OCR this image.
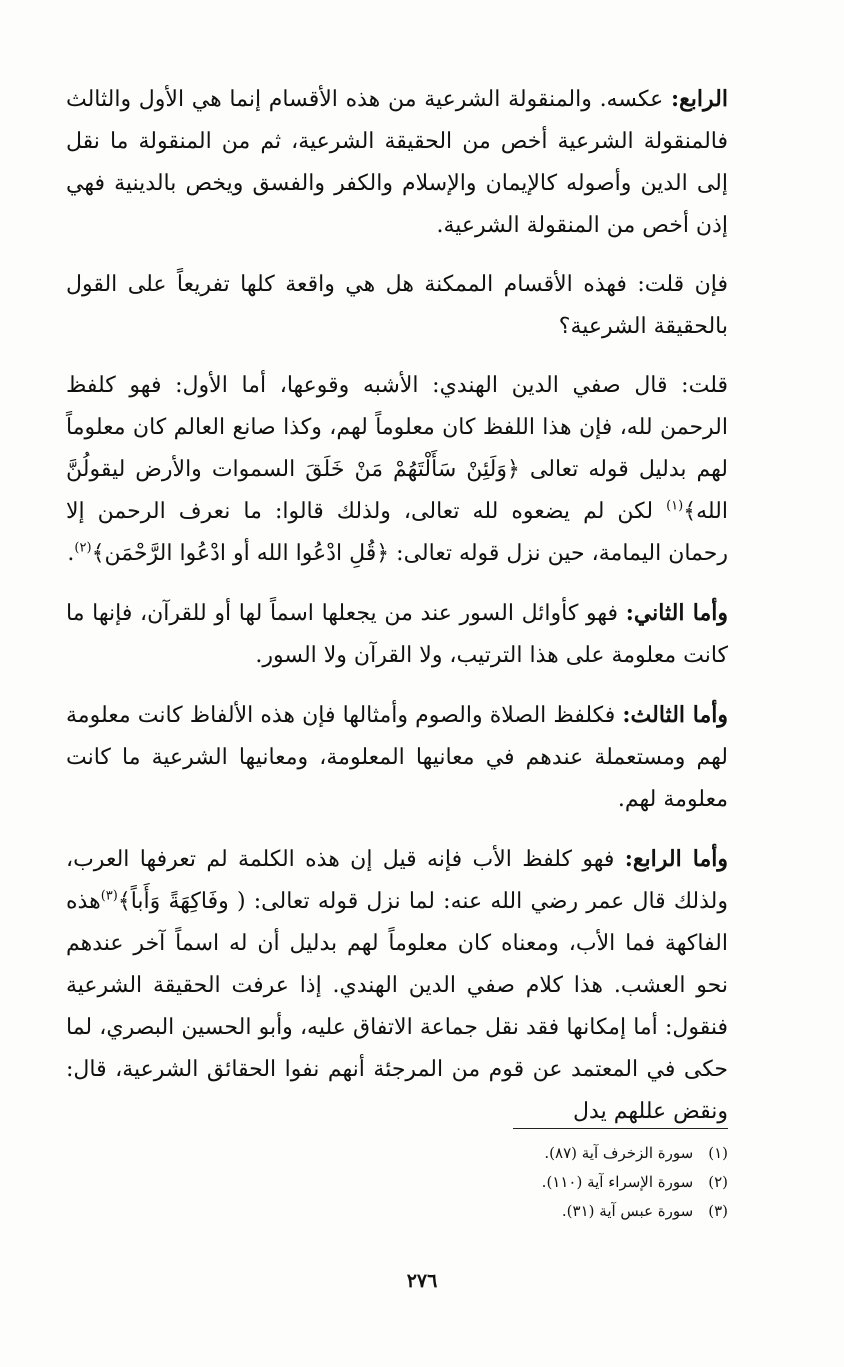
الرابع: عكسه. والمنقولة الشرعية من هذه الأقسام إنما هي الأول والثالث فالمنقولة الشرعية أخص من الحقيقة الشرعية، ثم من المنقولة ما نقل إلى الدين وأصوله كالإيمان والإسلام والكفر والفسق ويخص بالدينية فهي إذن أخص من المنقولة الشرعية.

فإن قلت: فهذه الأقسام الممكنة هل هي واقعة كلها تفريعاً على القول بالحقيقة الشرعية؟

قلت: قال صفي الدين الهندي: الأشبه وقوعها، أما الأول: فهو كلفظ الرحمن لله، فإن هذا اللفظ كان معلوماً لهم، وكذا صانع العالم كان معلوماً لهم بدليل قوله تعالى ﴿وَلَئِنْ سَأَلْتَهُمْ مَنْ خَلَقَ السموات والأرض ليقولُنَّ الله﴾$^{(١)}$ لكن لم يضعوه لله تعالى، ولذلك قالوا: ما نعرف الرحمن إلا رحمان اليمامة، حين نزل قوله تعالى: ﴿قُلِ ادْعُوا الله أو ادْعُوا الرَّحْمَن﴾$^{(٢)}$.

وأما الثاني: فهو كأوائل السور عند من يجعلها اسماً لها أو للقرآن، فإنها ما كانت معلومة على هذا الترتيب، ولا القرآن ولا السور.

وأما الثالث: فكلفظ الصلاة والصوم وأمثالها فإن هذه الألفاظ كانت معلومة لهم ومستعملة عندهم في معانيها المعلومة، ومعانيها الشرعية ما كانت معلومة لهم.

وأما الرابع: فهو كلفظ الأب فإنه قيل إن هذه الكلمة لم تعرفها العرب، ولذلك قال عمر رضي الله عنه: لما نزل قوله تعالى: ( وفَاكِهَةً وَأَباً﴾$^{(٣)}$هذه الفاكهة فما الأب، ومعناه كان معلوماً لهم بدليل أن له اسماً آخر عندهم نحو العشب. هذا كلام صفي الدين الهندي. إذا عرفت الحقيقة الشرعية فنقول: أما إمكانها فقد نقل جماعة الاتفاق عليه، وأبو الحسين البصري، لما حكى في المعتمد عن قوم من المرجئة أنهم نفوا الحقائق الشرعية، قال: ونقض عللهم يدل

(١) سورة الزخرف آية (٨٧).
(٢) سورة الإسراء آية (١١٠).
(٣) سورة عبس آية (٣١).
٢٧٦
